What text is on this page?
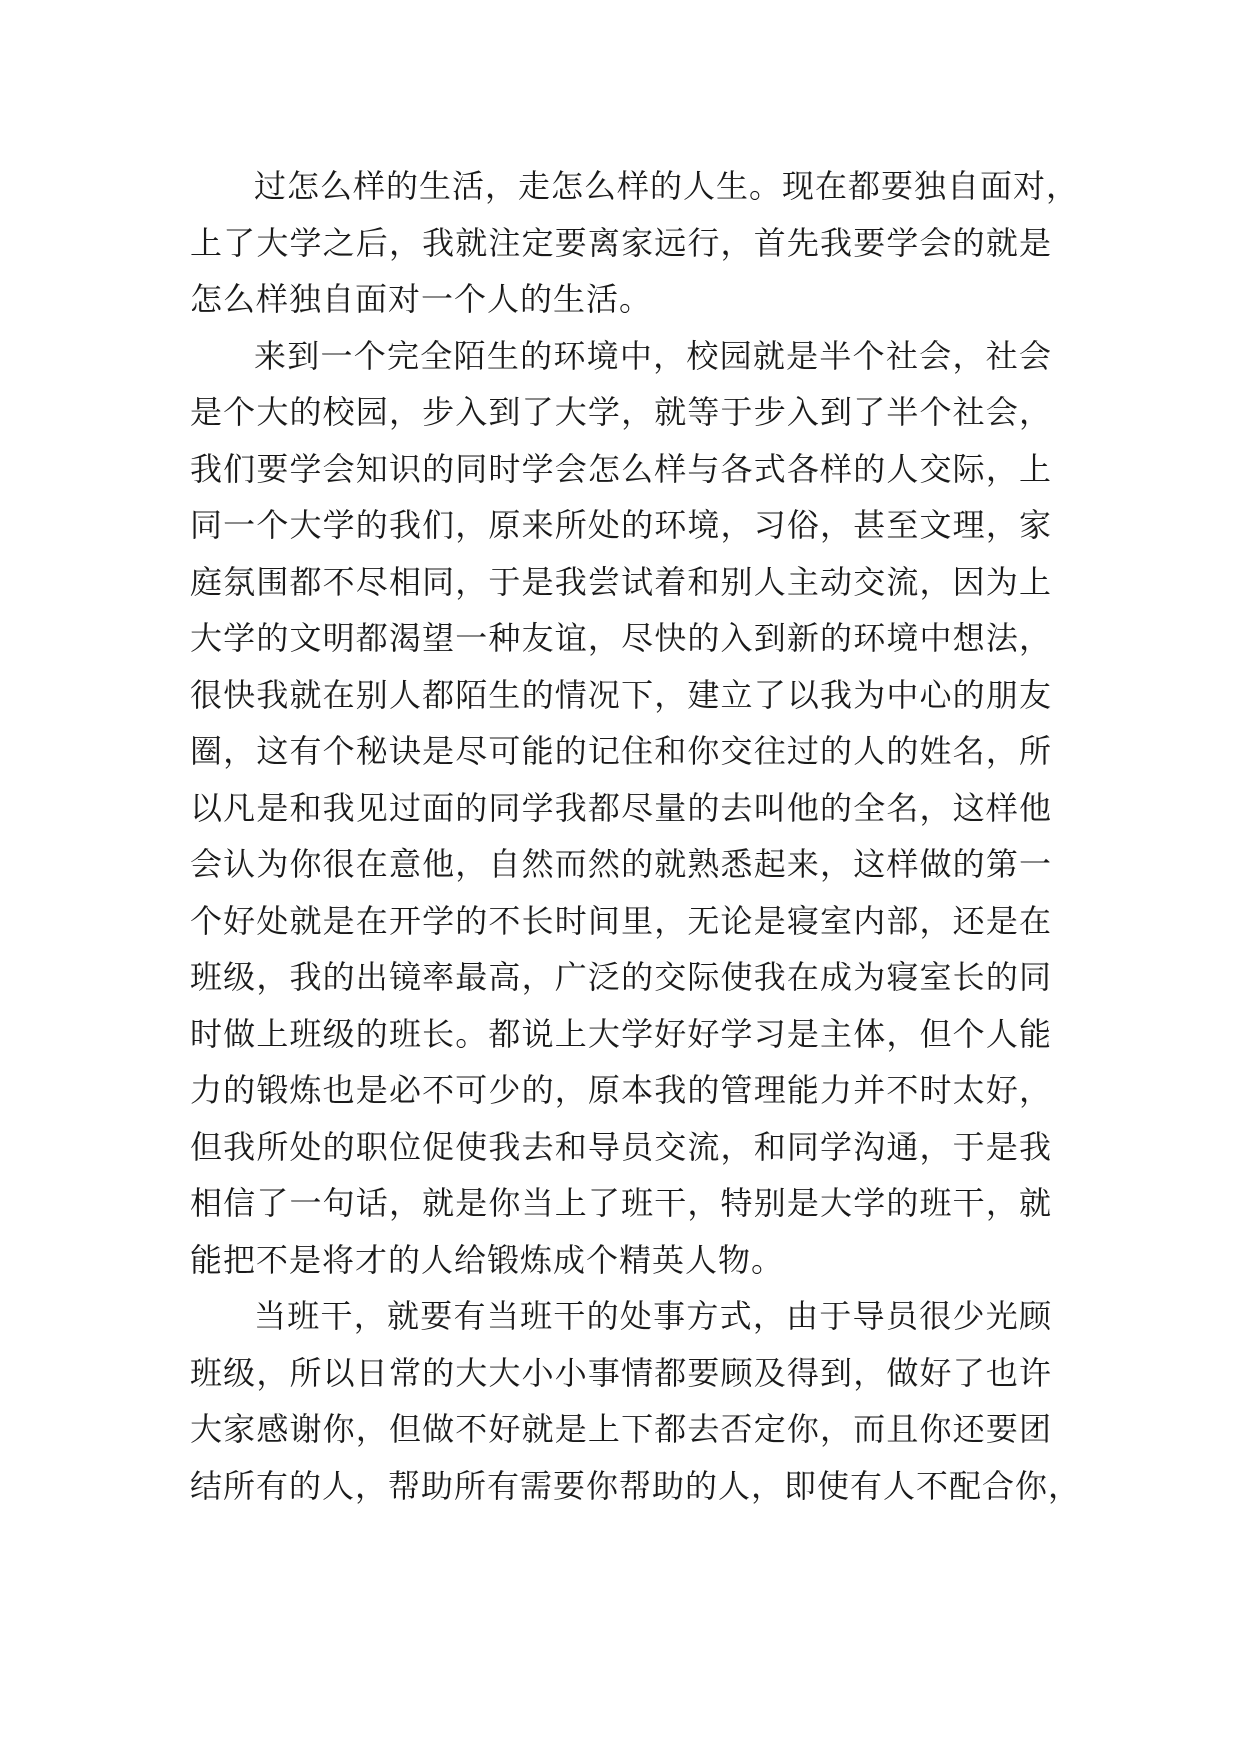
过怎么样的生活，走怎么样的人生。现在都要独自面对，
上了大学之后，我就注定要离家远行，首先我要学会的就是
怎么样独自面对一个人的生活。
来到一个完全陌生的环境中，校园就是半个社会，社会
是个大的校园，步入到了大学，就等于步入到了半个社会，
我们要学会知识的同时学会怎么样与各式各样的人交际，上
同一个大学的我们，原来所处的环境，习俗，甚至文理，家
庭氛围都不尽相同，于是我尝试着和别人主动交流，因为上
大学的文明都渴望一种友谊，尽快的入到新的环境中想法，
很快我就在别人都陌生的情况下，建立了以我为中心的朋友
圈，这有个秘诀是尽可能的记住和你交往过的人的姓名，所
以凡是和我见过面的同学我都尽量的去叫他的全名，这样他
会认为你很在意他，自然而然的就熟悉起来，这样做的第一
个好处就是在开学的不长时间里，无论是寝室内部，还是在
班级，我的出镜率最高，广泛的交际使我在成为寝室长的同
时做上班级的班长。都说上大学好好学习是主体，但个人能
力的锻炼也是必不可少的，原本我的管理能力并不时太好，
但我所处的职位促使我去和导员交流，和同学沟通，于是我
相信了一句话，就是你当上了班干，特别是大学的班干，就
能把不是将才的人给锻炼成个精英人物。
当班干，就要有当班干的处事方式，由于导员很少光顾
班级，所以日常的大大小小事情都要顾及得到，做好了也许
大家感谢你，但做不好就是上下都去否定你，而且你还要团
结所有的人，帮助所有需要你帮助的人，即使有人不配合你，
